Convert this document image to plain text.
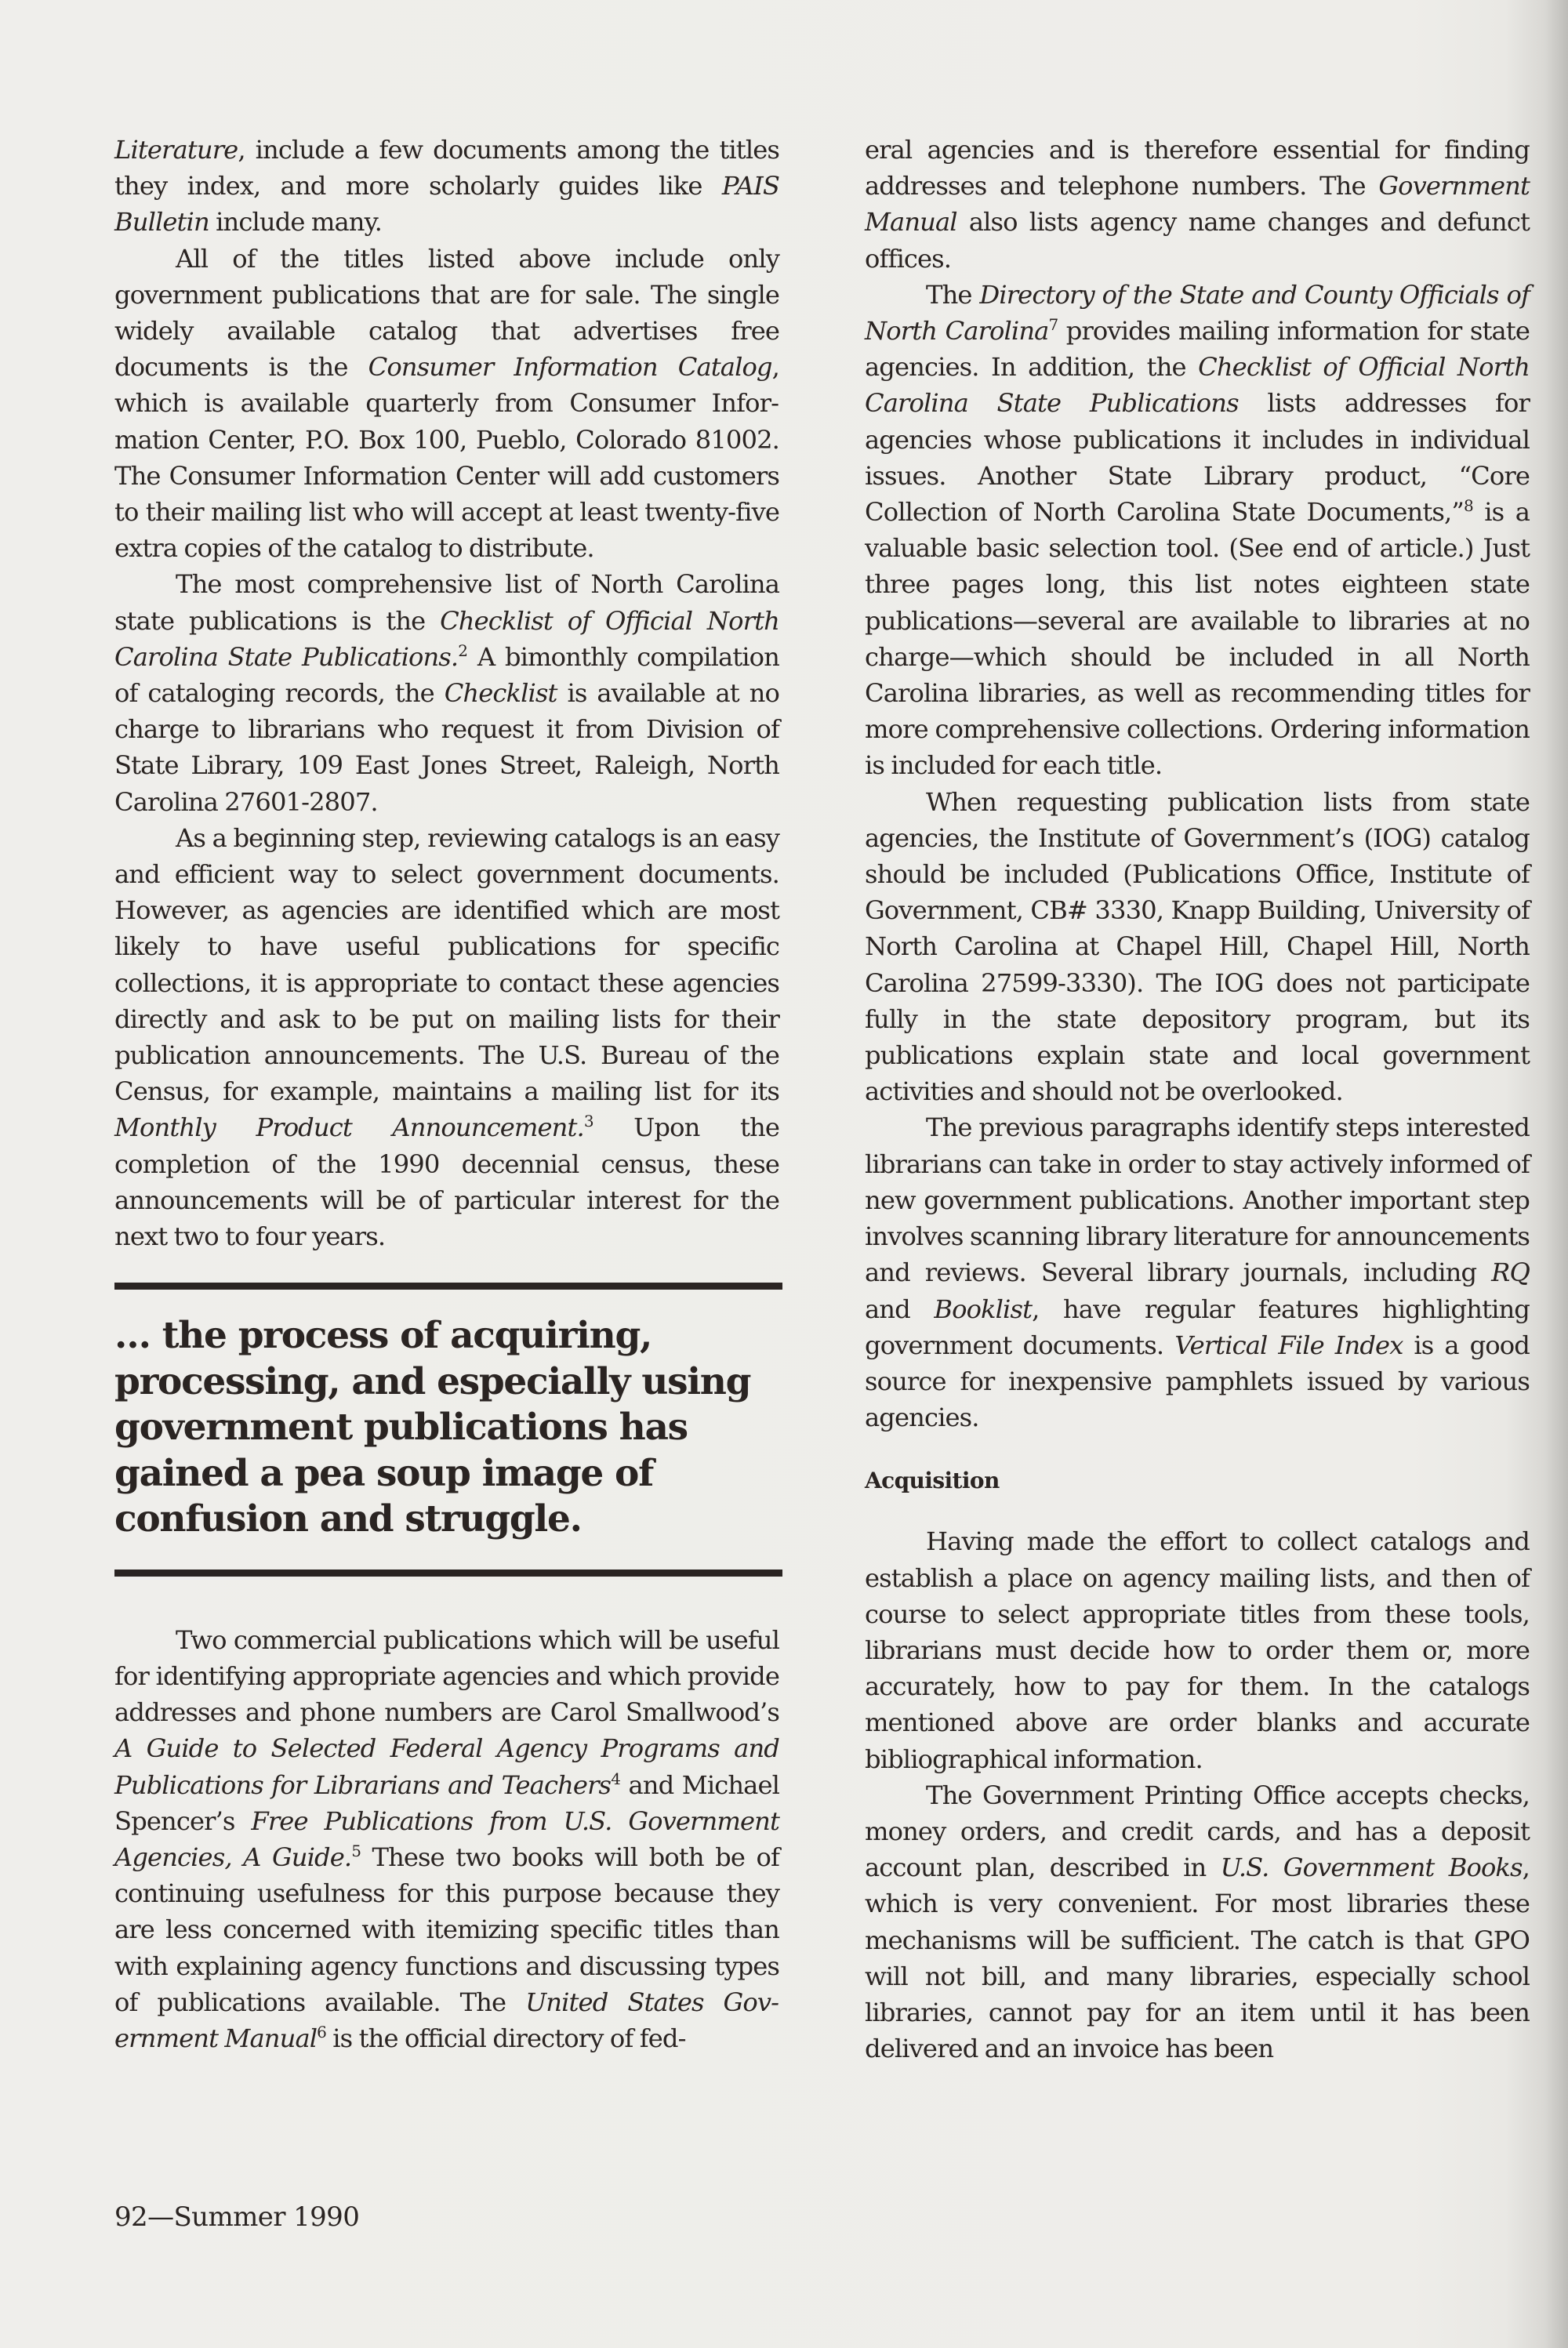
Literature, include a few documents among the titles they index, and more scholarly guides like PAIS Bulletin include many.

All of the titles listed above include only government publications that are for sale. The single widely available catalog that advertises free documents is the Consumer Information Catalog, which is available quarterly from Consumer Information Center, P.O. Box 100, Pueblo, Colorado 81002. The Consumer Information Center will add customers to their mailing list who will accept at least twenty-five extra copies of the catalog to distribute.

The most comprehensive list of North Carolina state publications is the Checklist of Official North Carolina State Publications.$^2$ A bimonthly compilation of cataloging records, the Checklist is available at no charge to librarians who request it from Division of State Library, 109 East Jones Street, Raleigh, North Carolina 27601-2807.

As a beginning step, reviewing catalogs is an easy and efficient way to select government documents. However, as agencies are identified which are most likely to have useful publications for specific collections, it is appropriate to contact these agencies directly and ask to be put on mailing lists for their publication announcements. The U.S. Bureau of the Census, for example, maintains a mailing list for its Monthly Product Announcement.$^3$ Upon the completion of the 1990 decennial census, these announcements will be of particular interest for the next two to four years.

… the process of acquiring, processing, and especially using government publications has gained a pea soup image of confusion and struggle.

Two commercial publications which will be useful for identifying appropriate agencies and which provide addresses and phone numbers are Carol Smallwood’s A Guide to Selected Federal Agency Programs and Publications for Librarians and Teachers$^4$ and Michael Spencer’s Free Publications from U.S. Government Agencies, A Guide.$^5$ These two books will both be of continuing usefulness for this purpose because they are less concerned with itemizing specific titles than with explaining agency functions and discussing types of publications available. The United States Government Manual$^6$ is the official directory of fed-

eral agencies and is therefore essential for finding addresses and telephone numbers. The Government Manual also lists agency name changes and defunct offices.

The Directory of the State and County Officials of North Carolina$^7$ provides mailing information for state agencies. In addition, the Checklist of Official North Carolina State Publications lists addresses for agencies whose publications it includes in individual issues. Another State Library product, “Core Collection of North Carolina State Documents,”$^8$ is a valuable basic selection tool. (See end of article.) Just three pages long, this list notes eighteen state publications—several are available to libraries at no charge—which should be included in all North Carolina libraries, as well as recommending titles for more comprehensive collections. Ordering information is included for each title.

When requesting publication lists from state agencies, the Institute of Government’s (IOG) catalog should be included (Publications Office, Institute of Government, CB# 3330, Knapp Building, University of North Carolina at Chapel Hill, Chapel Hill, North Carolina 27599-3330). The IOG does not participate fully in the state depository program, but its publications explain state and local government activities and should not be overlooked.

The previous paragraphs identify steps interested librarians can take in order to stay actively informed of new government publications. Another important step involves scanning library literature for announcements and reviews. Several library journals, including RQ and Booklist, have regular features highlighting government documents. Vertical File Index is a good source for inexpensive pamphlets issued by various agencies.

Acquisition

Having made the effort to collect catalogs and establish a place on agency mailing lists, and then of course to select appropriate titles from these tools, librarians must decide how to order them or, more accurately, how to pay for them. In the catalogs mentioned above are order blanks and accurate bibliographical information.

The Government Printing Office accepts checks, money orders, and credit cards, and has a deposit account plan, described in U.S. Government Books, which is very convenient. For most libraries these mechanisms will be sufficient. The catch is that GPO will not bill, and many libraries, especially school libraries, cannot pay for an item until it has been delivered and an invoice has been

92—Summer 1990
